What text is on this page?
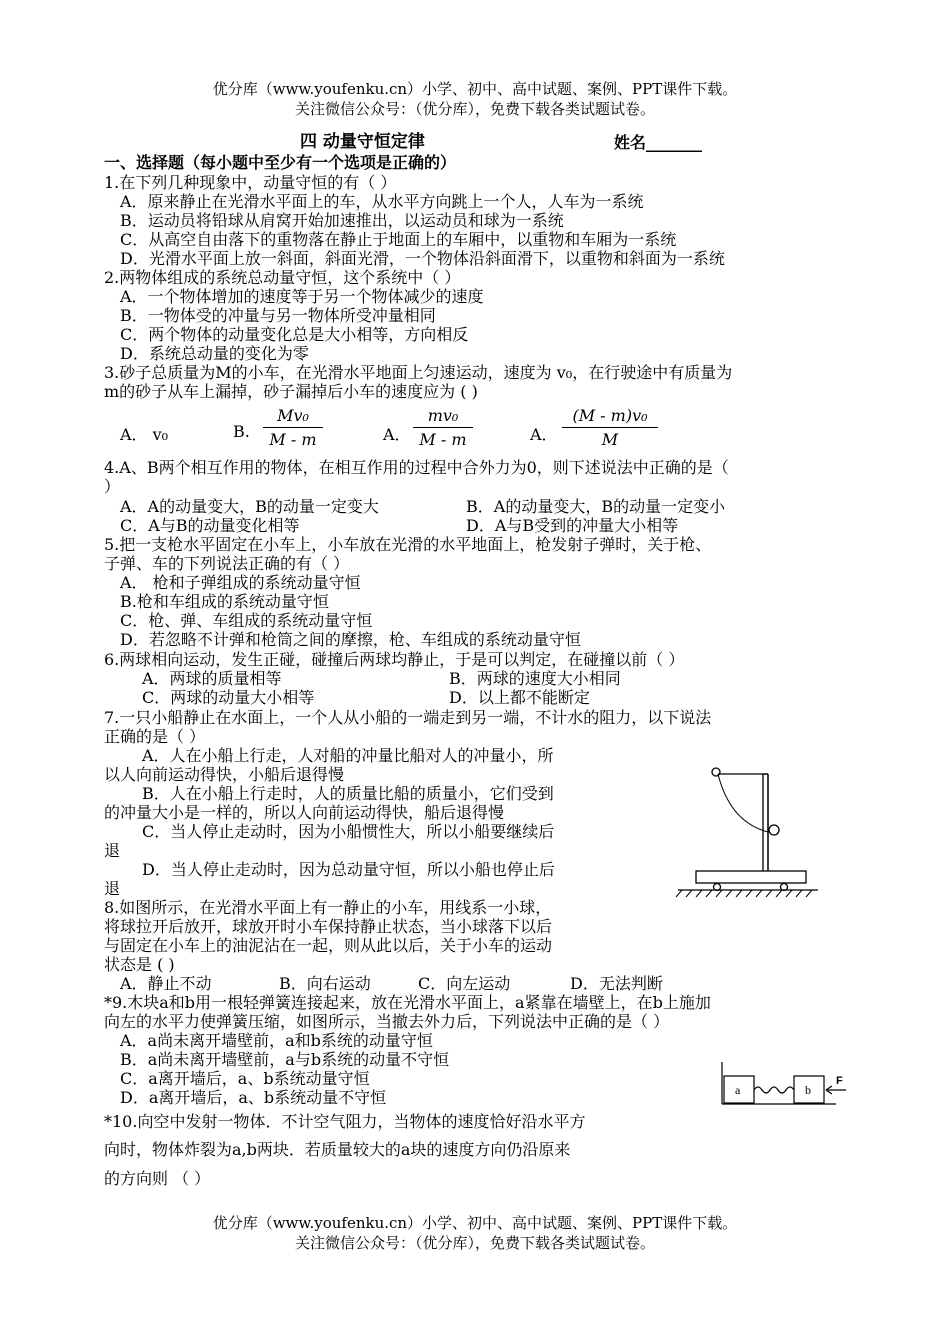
优分库（www.youfenku.cn）小学、初中、高中试题、案例、PPT课件下载。
关注微信公众号：（优分库），免费下载各类试题试卷。
四 动量守恒定律	姓名_______
一、选择题（每小题中至少有一个选项是正确的）
1.在下列几种现象中，动量守恒的有（ ）
A．原来静止在光滑水平面上的车，从水平方向跳上一个人，人车为一系统
B．运动员将铅球从肩窝开始加速推出，以运动员和球为一系统
C．从高空自由落下的重物落在静止于地面上的车厢中，以重物和车厢为一系统
D．光滑水平面上放一斜面，斜面光滑，一个物体沿斜面滑下，以重物和斜面为一系统
2.两物体组成的系统总动量守恒，这个系统中（ ）
A．一个物体增加的速度等于另一个物体减少的速度
B．一物体受的冲量与另一物体所受冲量相同
C．两个物体的动量变化总是大小相等，方向相反
D．系统总动量的变化为零
3.砂子总质量为M的小车，在光滑水平地面上匀速运动，速度为 v₀，在行驶途中有质量为
m的砂子从车上漏掉，砂子漏掉后小车的速度应为 ( )
A． v₀	B.
Mv₀
M - m	A．
mv₀
M - m	A．
(M - m)v₀
M
4.A、B两个相互作用的物体，在相互作用的过程中合外力为0，则下述说法中正确的是（
）
A．A的动量变大，B的动量一定变大	B．A的动量变大，B的动量一定变小
C．A与B的动量变化相等	D．A与B受到的冲量大小相等
5.把一支枪水平固定在小车上，小车放在光滑的水平地面上，枪发射子弹时，关于枪、
子弹、车的下列说法正确的有（ ）
A． 枪和子弹组成的系统动量守恒
B.枪和车组成的系统动量守恒
C．枪、弹、车组成的系统动量守恒
D．若忽略不计弹和枪筒之间的摩擦，枪、车组成的系统动量守恒
6.两球相向运动，发生正碰，碰撞后两球均静止，于是可以判定，在碰撞以前（ ）
A．两球的质量相等	B．两球的速度大小相同
C．两球的动量大小相等	D．以上都不能断定
7.一只小船静止在水面上，一个人从小船的一端走到另一端，不计水的阻力，以下说法
正确的是（ ）
A．人在小船上行走，人对船的冲量比船对人的冲量小，所
以人向前运动得快，小船后退得慢
B．人在小船上行走时，人的质量比船的质量小，它们受到
的冲量大小是一样的，所以人向前运动得快，船后退得慢
C．当人停止走动时，因为小船惯性大，所以小船要继续后
退
D．当人停止走动时，因为总动量守恒，所以小船也停止后
退
8.如图所示，在光滑水平面上有一静止的小车，用线系一小球，
将球拉开后放开，球放开时小车保持静止状态，当小球落下以后
与固定在小车上的油泥沾在一起，则从此以后，关于小车的运动
状态是 ( )
A．静止不动	B．向右运动	C．向左运动	D．无法判断
*9.木块a和b用一根轻弹簧连接起来，放在光滑水平面上，a紧靠在墙壁上，在b上施加
向左的水平力使弹簧压缩，如图所示，当撤去外力后，下列说法中正确的是（ ）
A．a尚未离开墙壁前，a和b系统的动量守恒
B．a尚未离开墙壁前，a与b系统的动量不守恒
C．a离开墙后，a、b系统动量守恒
D．a离开墙后，a、b系统动量不守恒	a	b
F
*10.向空中发射一物体．不计空气阻力，当物体的速度恰好沿水平方
向时，物体炸裂为a,b两块．若质量较大的a块的速度方向仍沿原来
的方向则 （ ）
优分库（www.youfenku.cn）小学、初中、高中试题、案例、PPT课件下载。
关注微信公众号：（优分库），免费下载各类试题试卷。
